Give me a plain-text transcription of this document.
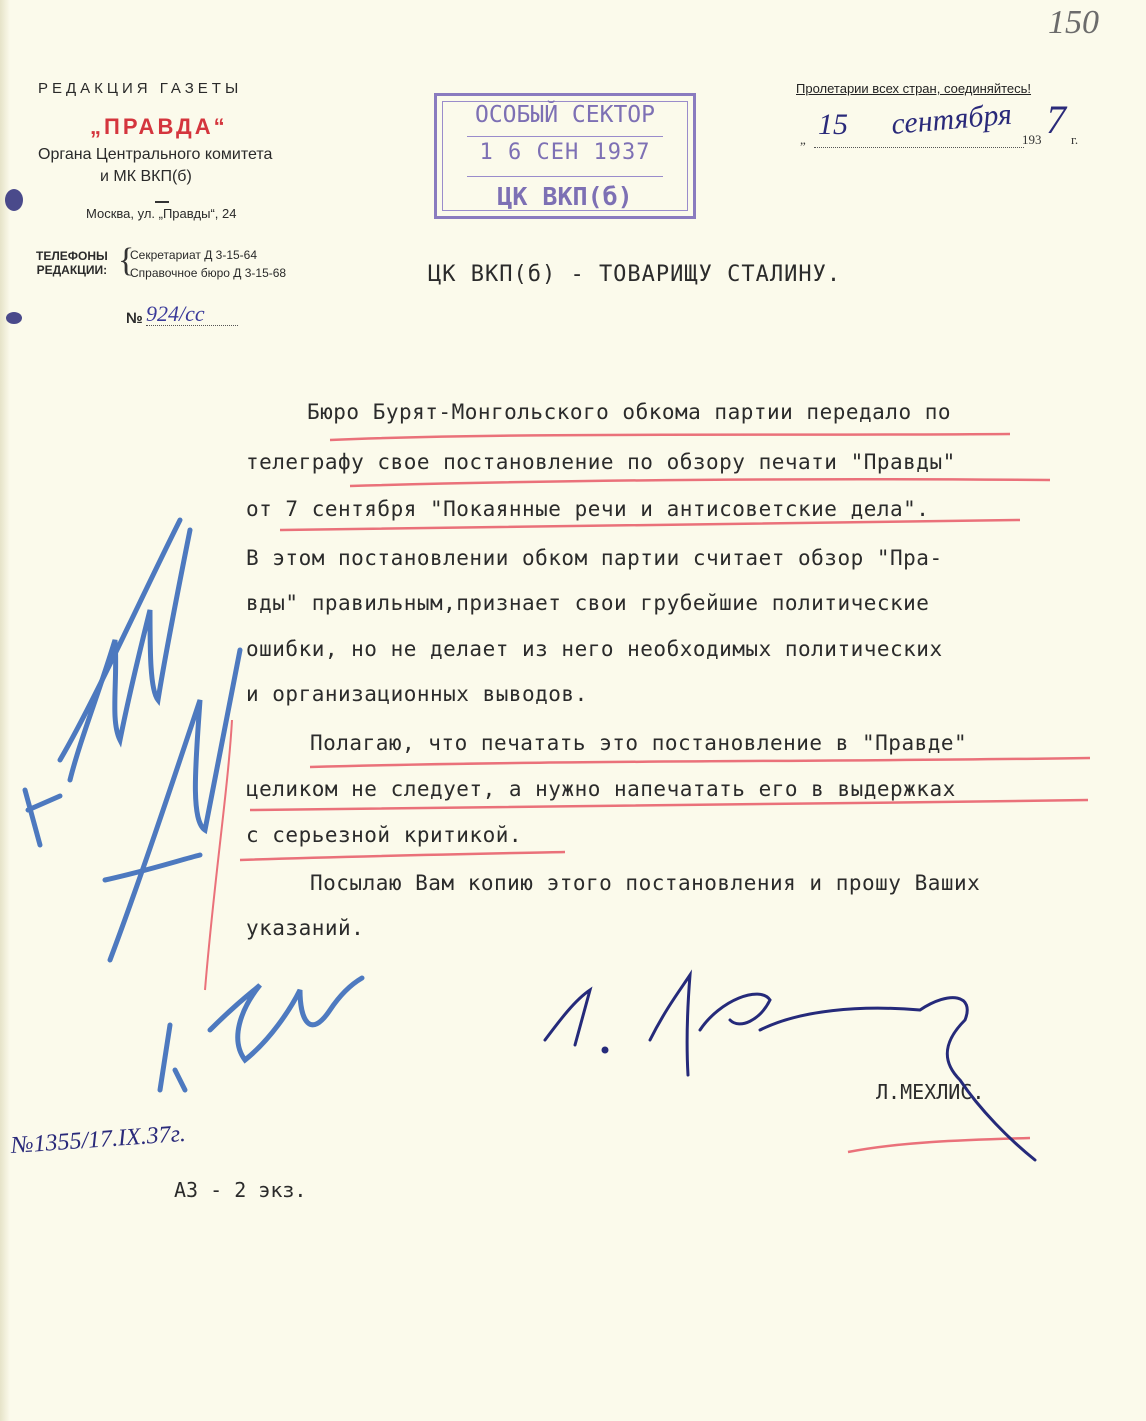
150
РЕДАКЦИЯ ГАЗЕТЫ
„ПРАВДА“
Органа Центрального комитета
и МК ВКП(б)
Москва, ул. „Правды“, 24
ТЕЛЕФОНЫ
РЕДАКЦИИ: {
Секретариат Д 3-15-64
Справочное бюро Д 3-15-68
№ 924/сс
Пролетарии всех стран, соединяйтесь!
„ 15 сентября 193 7 г.
ОСОБЫЙ СЕКТОР
1 6 СЕН 1937
ЦК ВКП(б)
ЦК ВКП(б) - ТОВАРИЩУ СТАЛИНУ.
Бюро Бурят-Монгольского обкома партии передало по
телеграфу свое постановление по обзору печати "Правды"
от 7 сентября "Покаянные речи и антисоветские дела".
В этом постановлении обком партии считает обзор "Пра-
вды" правильным,признает свои грубейшие политические
ошибки, но не делает из него необходимых политических
и организационных выводов.
Полагаю, что печатать это постановление в "Правде"
целиком не следует, а нужно напечатать его в выдержках
с серьезной критикой.
Посылаю Вам копию этого постановления и прошу Ваших
указаний.
Л.МЕХЛИС.
АЗ - 2 экз.
№1355/17.IX.37г.
